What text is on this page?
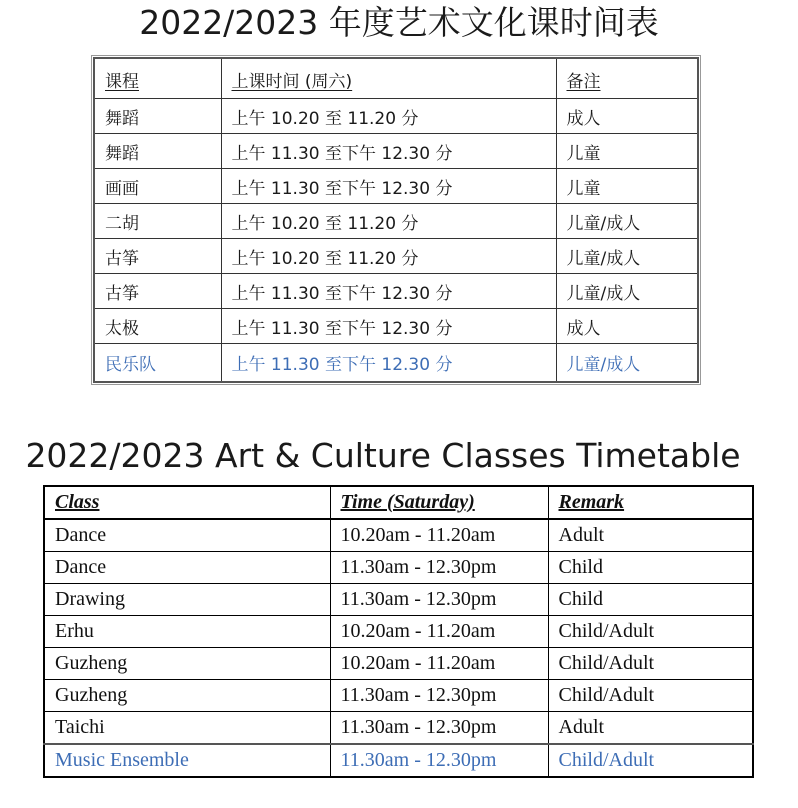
2022/2023 年度艺术文化课时间表
课程	上课时间 (周六)	备注
舞蹈	上午 10.20 至 11.20 分	成人
舞蹈	上午 11.30 至下午 12.30 分	儿童
画画	上午 11.30 至下午 12.30 分	儿童
二胡	上午 10.20 至 11.20 分	儿童/成人
古筝	上午 10.20 至 11.20 分	儿童/成人
古筝	上午 11.30 至下午 12.30 分	儿童/成人
太极	上午 11.30 至下午 12.30 分	成人
民乐队	上午 11.30 至下午 12.30 分	儿童/成人
2022/2023 Art & Culture Classes Timetable
Class	Time (Saturday)	Remark
Dance	10.20am - 11.20am	Adult
Dance	11.30am - 12.30pm	Child
Drawing	11.30am - 12.30pm	Child
Erhu	10.20am - 11.20am	Child/Adult
Guzheng	10.20am - 11.20am	Child/Adult
Guzheng	11.30am - 12.30pm	Child/Adult
Taichi	11.30am - 12.30pm	Adult
Music Ensemble	11.30am - 12.30pm	Child/Adult
